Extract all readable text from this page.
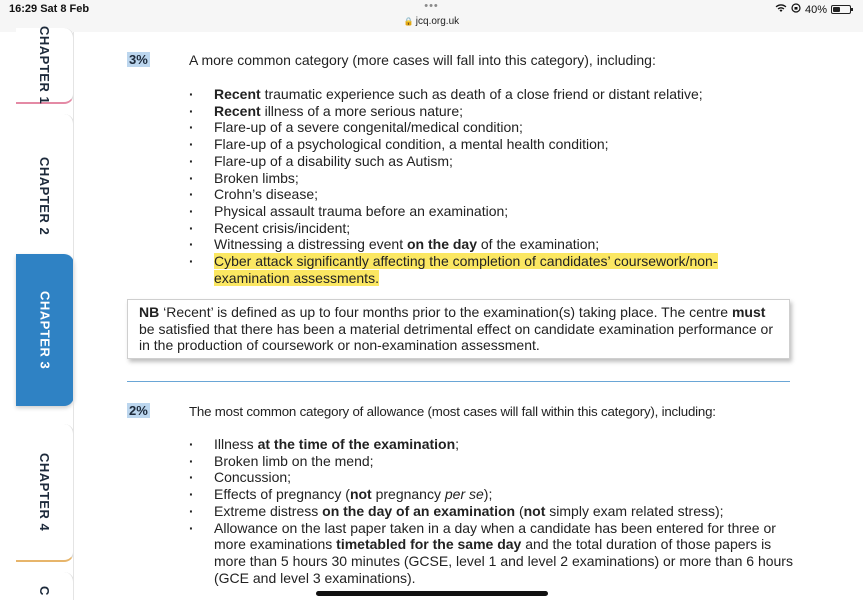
16:29 Sat 8 Feb	•••
🔒 jcq.org.uk
40%
CHAPTER 1
CHAPTER 2
CHAPTER 4
C
CHAPTER 3
3%	A more common category (more cases will fall into this category), including:
· Recent traumatic experience such as death of a close friend or distant relative;
· Recent illness of a more serious nature;
· Flare-up of a severe congenital/medical condition;
· Flare-up of a psychological condition, a mental health condition;
· Flare-up of a disability such as Autism;
· Broken limbs;
· Crohn’s disease;
· Physical assault trauma before an examination;
· Recent crisis/incident;
· Witnessing a distressing event on the day of the examination;
· Cyber attack significantly affecting the completion of candidates’ coursework/non-examination assessments.
NB ‘Recent’ is defined as up to four months prior to the examination(s) taking place. The centre must be satisfied that there has been a material detrimental effect on candidate examination performance or in the production of coursework or non-examination assessment.
2%	The most common category of allowance (most cases will fall within this category), including:
· Illness at the time of the examination;
· Broken limb on the mend;
· Concussion;
· Effects of pregnancy (not pregnancy per se);
· Extreme distress on the day of an examination (not simply exam related stress);
· Allowance on the last paper taken in a day when a candidate has been entered for three or more examinations timetabled for the same day and the total duration of those papers is more than 5 hours 30 minutes (GCSE, level 1 and level 2 examinations) or more than 6 hours (GCE and level 3 examinations).
